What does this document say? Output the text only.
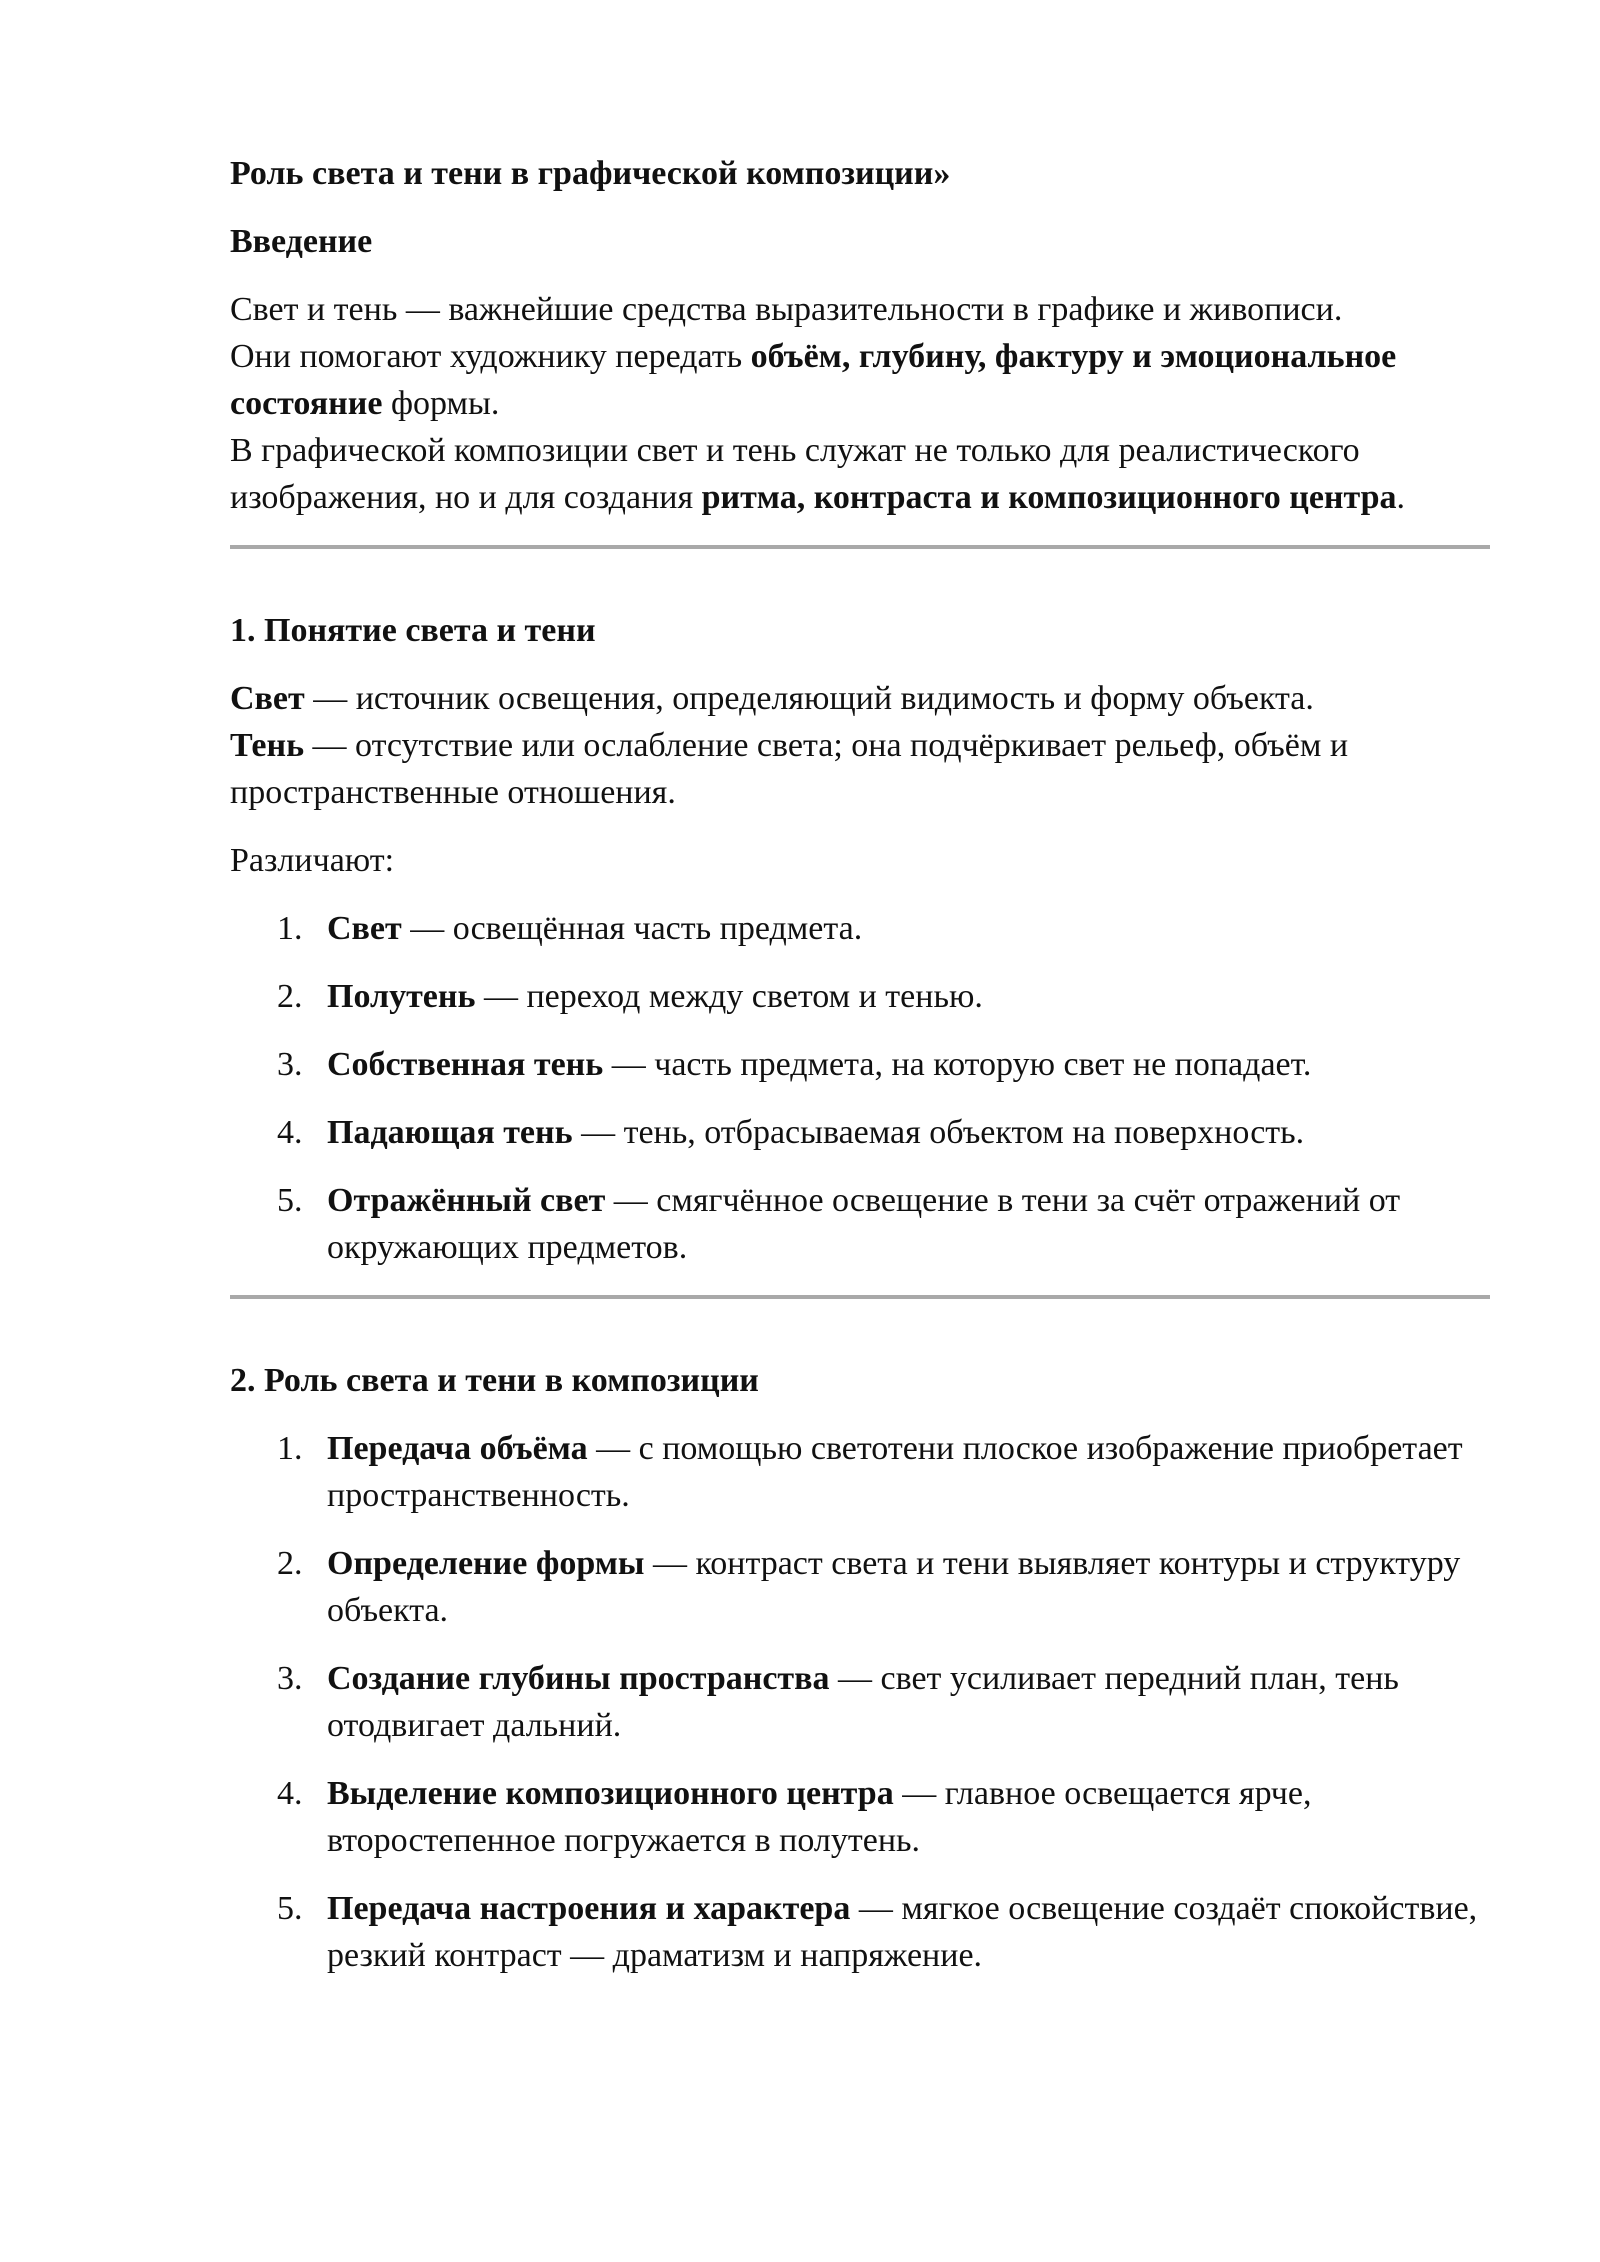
Роль света и тени в графической композиции»
Введение

Свет и тень — важнейшие средства выразительности в графике и живописи.
Они помогают художнику передать объём, глубину, фактуру и эмоциональное состояние формы.
В графической композиции свет и тень служат не только для реалистического изображения, но и для создания ритма, контраста и композиционного центра.

1. Понятие света и тени

Свет — источник освещения, определяющий видимость и форму объекта.
Тень — отсутствие или ослабление света; она подчёркивает рельеф, объём и пространственные отношения.

Различают:

1. Свет — освещённая часть предмета.
2. Полутень — переход между светом и тенью.
3. Собственная тень — часть предмета, на которую свет не попадает.
4. Падающая тень — тень, отбрасываемая объектом на поверхность.
5. Отражённый свет — смягчённое освещение в тени за счёт отражений от окружающих предметов.
2. Роль света и тени в композиции
1. Передача объёма — с помощью светотени плоское изображение приобретает пространственность.
2. Определение формы — контраст света и тени выявляет контуры и структуру объекта.
3. Создание глубины пространства — свет усиливает передний план, тень отодвигает дальний.
4. Выделение композиционного центра — главное освещается ярче, второстепенное погружается в полутень.
5. Передача настроения и характера — мягкое освещение создаёт спокойствие, резкий контраст — драматизм и напряжение.
